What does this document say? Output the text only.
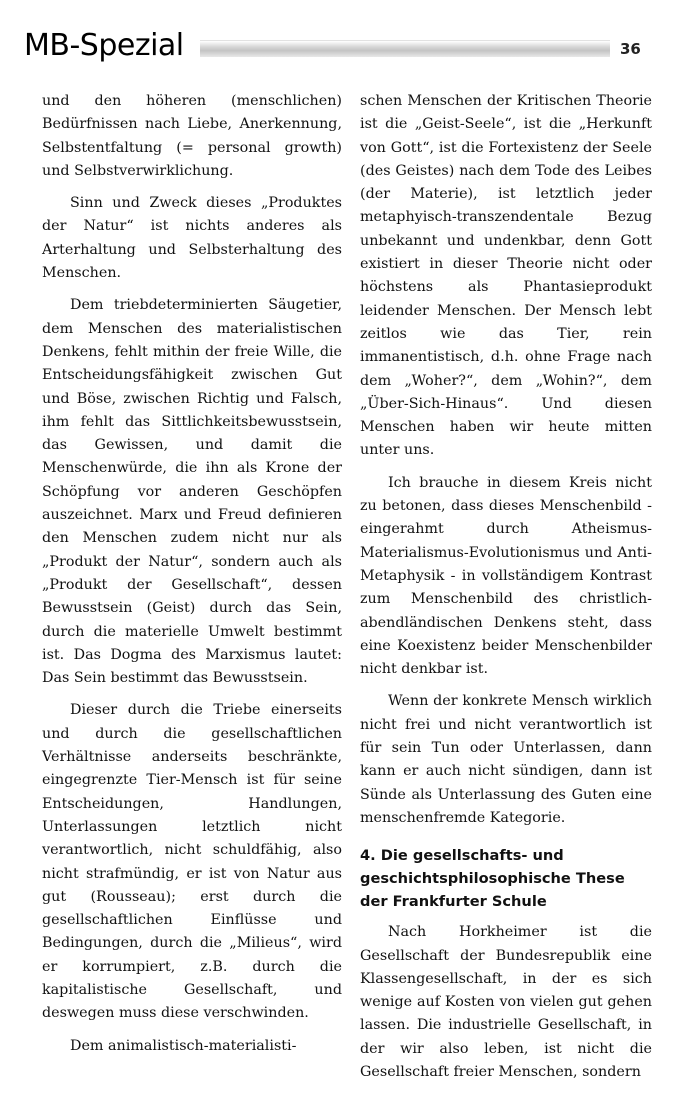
MB-Spezial	36

und den höheren (menschlichen) Bedürfnissen nach Liebe, Anerkennung, Selbstentfaltung (= personal growth) und Selbstverwirklichung.

Sinn und Zweck dieses „Produktes der Natur“ ist nichts anderes als Arterhaltung und Selbsterhaltung des Menschen.

Dem triebdeterminierten Säugetier, dem Menschen des materialistischen Denkens, fehlt mithin der freie Wille, die Entscheidungsfähigkeit zwischen Gut und Böse, zwischen Richtig und Falsch, ihm fehlt das Sittlichkeitsbewusstsein, das Gewissen, und damit die Menschenwürde, die ihn als Krone der Schöpfung vor anderen Geschöpfen auszeichnet. Marx und Freud definieren den Menschen zudem nicht nur als „Produkt der Natur“, sondern auch als „Produkt der Gesellschaft“, dessen Bewusstsein (Geist) durch das Sein, durch die materielle Umwelt bestimmt ist. Das Dogma des Marxismus lautet: Das Sein bestimmt das Bewusstsein.

Dieser durch die Triebe einerseits und durch die gesellschaftlichen Verhältnisse anderseits beschränkte, eingegrenzte Tier-Mensch ist für seine Entscheidungen, Handlungen, Unterlassungen letztlich nicht verantwortlich, nicht schuldfähig, also nicht strafmündig, er ist von Natur aus gut (Rousseau); erst durch die gesellschaftlichen Einflüsse und Bedingungen, durch die „Milieus“, wird er korrumpiert, z.B. durch die kapitalistische Gesellschaft, und deswegen muss diese verschwinden.

Dem animalistisch-materialisti-

schen Menschen der Kritischen Theorie ist die „Geist-Seele“, ist die „Herkunft von Gott“, ist die Fortexistenz der Seele (des Geistes) nach dem Tode des Leibes (der Materie), ist letztlich jeder metaphyisch-transzendentale Bezug unbekannt und undenkbar, denn Gott existiert in dieser Theorie nicht oder höchstens als Phantasieprodukt leidender Menschen. Der Mensch lebt zeitlos wie das Tier, rein immanentistisch, d.h. ohne Frage nach dem „Woher?“, dem „Wohin?“, dem „Über-Sich-Hinaus“. Und diesen Menschen haben wir heute mitten unter uns.

Ich brauche in diesem Kreis nicht zu betonen, dass dieses Menschenbild - eingerahmt durch Atheismus-Materialismus-Evolutionismus und Anti-Metaphysik - in vollständigem Kontrast zum Menschenbild des christlich-abendländischen Denkens steht, dass eine Koexistenz beider Menschenbilder nicht denkbar ist.

Wenn der konkrete Mensch wirklich nicht frei und nicht verantwortlich ist für sein Tun oder Unterlassen, dann kann er auch nicht sündigen, dann ist Sünde als Unterlassung des Guten eine menschenfremde Kategorie.

4. Die gesellschafts- und geschichtsphilosophische These der Frankfurter Schule

Nach Horkheimer ist die Gesellschaft der Bundesrepublik eine Klassengesellschaft, in der es sich wenige auf Kosten von vielen gut gehen lassen. Die industrielle Gesellschaft, in der wir also leben, ist nicht die Gesellschaft freier Menschen, sondern
